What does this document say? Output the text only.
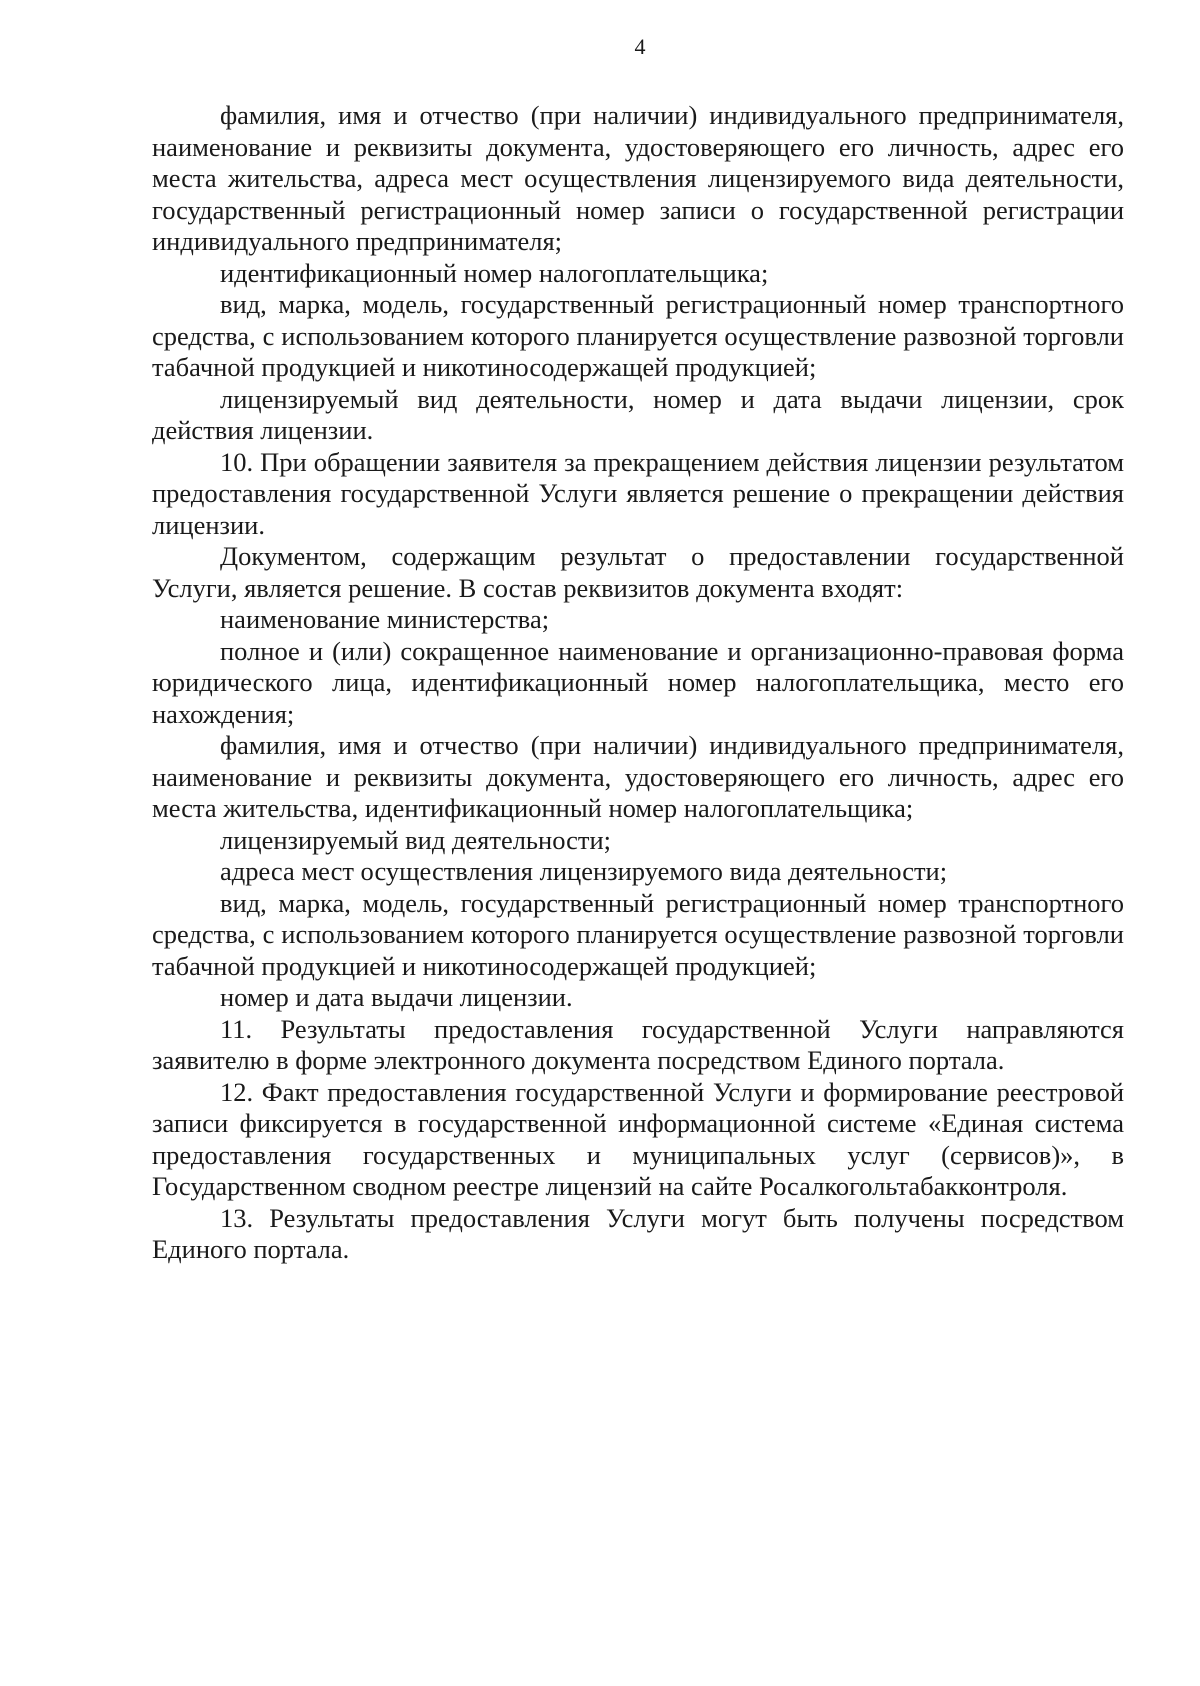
4

фамилия, имя и отчество (при наличии) индивидуального предпринимателя, наименование и реквизиты документа, удостоверяющего его личность, адрес его места жительства, адреса мест осуществления лицензируемого вида деятельности, государственный регистрационный номер записи о государственной регистрации индивидуального предпринимателя;

идентификационный номер налогоплательщика;

вид, марка, модель, государственный регистрационный номер транспортного средства, с использованием которого планируется осуществление развозной торговли табачной продукцией и никотиносодержащей продукцией;

лицензируемый вид деятельности, номер и дата выдачи лицензии, срок действия лицензии.

10. При обращении заявителя за прекращением действия лицензии результатом предоставления государственной Услуги является решение о прекращении действия лицензии.

Документом, содержащим результат о предоставлении государственной Услуги, является решение. В состав реквизитов документа входят:

наименование министерства;

полное и (или) сокращенное наименование и организационно-правовая форма юридического лица, идентификационный номер налогоплательщика, место его нахождения;

фамилия, имя и отчество (при наличии) индивидуального предпринимателя, наименование и реквизиты документа, удостоверяющего его личность, адрес его места жительства, идентификационный номер налогоплательщика;

лицензируемый вид деятельности;

адреса мест осуществления лицензируемого вида деятельности;

вид, марка, модель, государственный регистрационный номер транспортного средства, с использованием которого планируется осуществление развозной торговли табачной продукцией и никотиносодержащей продукцией;

номер и дата выдачи лицензии.

11. Результаты предоставления государственной Услуги направляются заявителю в форме электронного документа посредством Единого портала.

12. Факт предоставления государственной Услуги и формирование реестровой записи фиксируется в государственной информационной системе «Единая система предоставления государственных и муниципальных услуг (сервисов)», в Государственном сводном реестре лицензий на сайте Росалкогольтабакконтроля.

13. Результаты предоставления Услуги могут быть получены посредством Единого портала.
